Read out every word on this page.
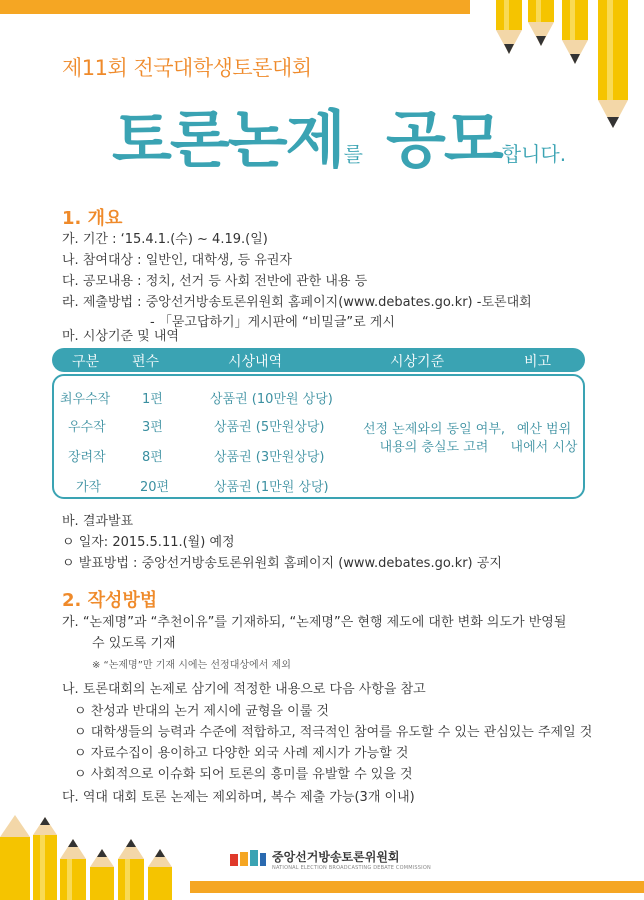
제11회 전국대학생토론대회
토론논제를 공모합니다.
1. 개요
가. 기간 : ‘15.4.1.(수) ~ 4.19.(일)
나. 참여대상 : 일반인, 대학생, 등 유권자
다. 공모내용 : 정치, 선거 등 사회 전반에 관한 내용 등
라. 제출방법 : 중앙선거방송토론위원회 홈페이지(www.debates.go.kr) -토론대회
- 「묻고답하기」게시판에 “비밀글”로 게시
마. 시상기준 및 내역
구분 편수	시상내역	시상기준	비고
최우수작 1편	상품권 (10만원 상당)
우수작	3편	상품권 (5만원상당)
장려작	8편	상품권 (3만원상당)
가작	20편	상품권 (1만원 상당)
선정 논제와의 동일 여부,
내용의 충실도 고려
예산 범위
내에서 시상
바. 결과발표
ㅇ 일자: 2015.5.11.(월) 예정
ㅇ 발표방법 : 중앙선거방송토론위원회 홈페이지 (www.debates.go.kr) 공지
2. 작성방법
가. “논제명”과 “추천이유”를 기재하되, “논제명”은 현행 제도에 대한 변화 의도가 반영될
수 있도록 기재
※ “논제명”만 기재 시에는 선정대상에서 제외
나. 토론대회의 논제로 삼기에 적정한 내용으로 다음 사항을 참고
ㅇ 찬성과 반대의 논거 제시에 균형을 이룰 것
ㅇ 대학생들의 능력과 수준에 적합하고, 적극적인 참여를 유도할 수 있는 관심있는 주제일 것
ㅇ 자료수집이 용이하고 다양한 외국 사례 제시가 가능할 것
ㅇ 사회적으로 이슈화 되어 토론의 흥미를 유발할 수 있을 것
다. 역대 대회 토론 논제는 제외하며, 복수 제출 가능(3개 이내)
중앙선거방송토론위원회
NATIONAL ELECTION BROADCASTING DEBATE COMMISSION
